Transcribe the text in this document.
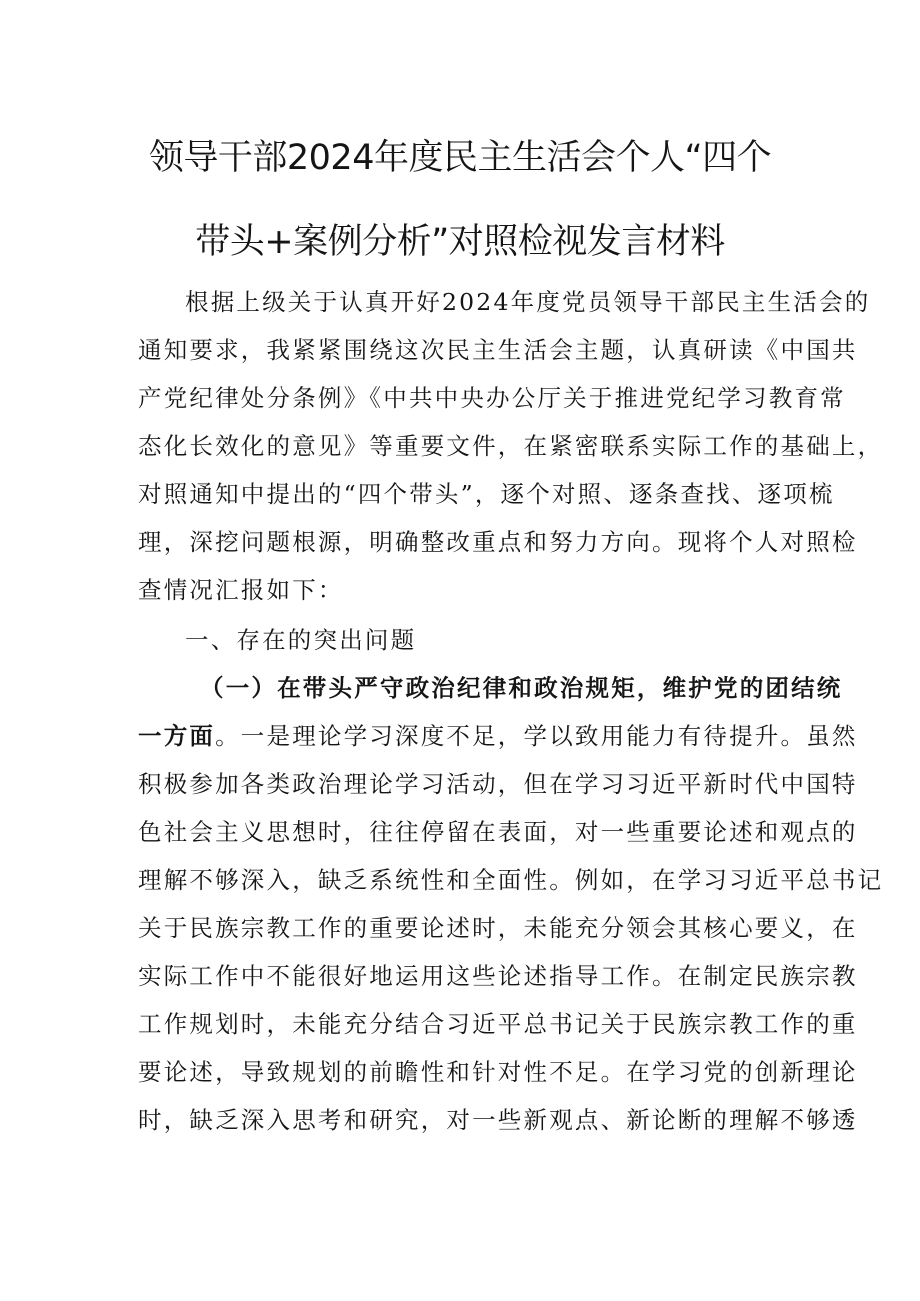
领导干部2024年度民主生活会个人“四个
带头+案例分析”对照检视发言材料
根据上级关于认真开好2024年度党员领导干部民主生活会的
通知要求，我紧紧围绕这次民主生活会主题，认真研读《中国共
产党纪律处分条例》《中共中央办公厅关于推进党纪学习教育常
态化长效化的意见》等重要文件，在紧密联系实际工作的基础上，
对照通知中提出的“四个带头”，逐个对照、逐条查找、逐项梳
理，深挖问题根源，明确整改重点和努力方向。现将个人对照检
查情况汇报如下：
一、存在的突出问题
（一）在带头严守政治纪律和政治规矩，维护党的团结统
一方面。一是理论学习深度不足，学以致用能力有待提升。虽然
积极参加各类政治理论学习活动，但在学习习近平新时代中国特
色社会主义思想时，往往停留在表面，对一些重要论述和观点的
理解不够深入，缺乏系统性和全面性。例如，在学习习近平总书记
关于民族宗教工作的重要论述时，未能充分领会其核心要义，在
实际工作中不能很好地运用这些论述指导工作。在制定民族宗教
工作规划时，未能充分结合习近平总书记关于民族宗教工作的重
要论述，导致规划的前瞻性和针对性不足。在学习党的创新理论
时，缺乏深入思考和研究，对一些新观点、新论断的理解不够透
